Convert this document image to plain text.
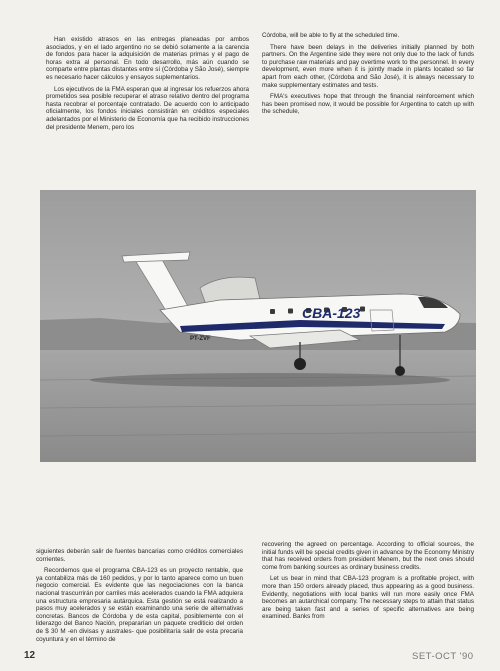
Han existido atrasos en las entregas planeadas por ambos asociados, y en el lado argentino no se debió solamente a la carencia de fondos para hacer la adquisición de materias primas y el pago de horas extra al personal. En todo desarrollo, más aún cuando se comparte entre plantas distantes entre sí (Córdoba y São José), siempre es necesario hacer cálculos y ensayos suplementarios.

Los ejecutivos de la FMA esperan que al ingresar los refuerzos ahora prometidos sea posible recuperar el atraso relativo dentro del programa hasta recobrar el porcentaje contratado. De acuerdo con lo anticipado oficialmente, los fondos iniciales consistirán en créditos especiales adelantados por el Ministerio de Economía que ha recibido instrucciones del presidente Menem, pero los

Córdoba, will be able to fly at the scheduled time.

There have been delays in the deliveries initially planned by both partners. On the Argentine side they were not only due to the lack of funds to purchase raw materials and pay overtime work to the personnel. In every development, even more when it is jointly made in plants located so far apart from each other, (Córdoba and São José), it is always necessary to make supplementary estimates and tests.

FMA's executives hope that through the financial reinforcement which has been promised now, it would be possible for Argentina to catch up with the schedule,

CBA-123
PT-ZVF

siguientes deberán salir de fuentes bancarias como créditos comerciales corrientes.

Recordemos que el programa CBA-123 es un proyecto rentable, que ya contabiliza más de 160 pedidos, y por lo tanto aparece como un buen negocio comercial. Es evidente que las negociaciones con la banca nacional trascurrirán por carriles más acelerados cuando la FMA adquiera una estructura empresaria autárquica. Esta gestión se está realizando a pasos muy acelerados y se están examinando una serie de alternativas concretas. Bancos de Córdoba y de esta capital, posiblemente con el liderazgo del Banco Nación, prepararían un paquete crediticio del orden de $ 30 M -en divisas y australes- que posibilitaría salir de esta precaria coyuntura y en el término de

recovering the agreed on percentage. According to official sources, the initial funds will be special credits given in advance by the Economy Ministry that has received orders from president Menem, but the next ones should come from banking sources as ordinary business credits.

Let us bear in mind that CBA-123 program is a profitable project, with more than 150 orders already placed, thus appearing as a good business. Evidently, negotiations with local banks will run more easily once FMA becomes an autarchical company. The necessary steps to attain that status are being taken fast and a series of specific alternatives are being examined. Banks from

12	SET-OCT '90
